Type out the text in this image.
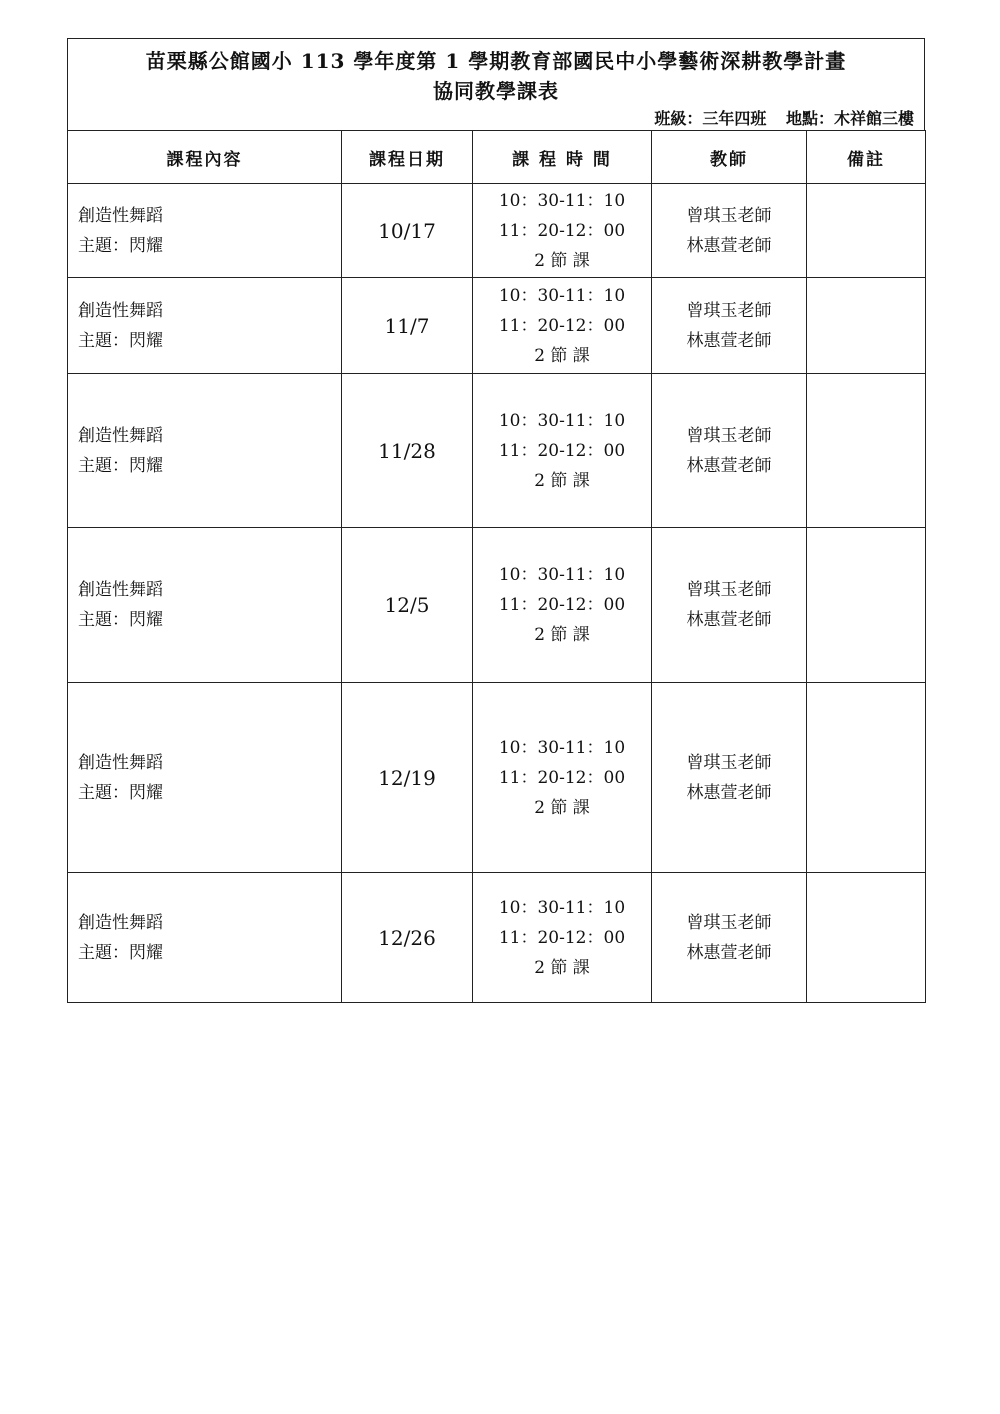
苗栗縣公館國小 113 學年度第 1 學期教育部國民中小學藝術深耕教學計畫
協同教學課表
班級：三年四班 地點：木祥館三樓
課程內容	課程日期	課 程 時 間	教師	備註

創造性舞蹈
主題：閃耀	10/17	10：30-11：10
11：20-12：00
2 節 課	曾琪玉老師
林惠萱老師	

創造性舞蹈
主題：閃耀	11/7	10：30-11：10
11：20-12：00
2 節 課	曾琪玉老師
林惠萱老師	

創造性舞蹈
主題：閃耀	11/28	10：30-11：10
11：20-12：00
2 節 課	曾琪玉老師
林惠萱老師	

創造性舞蹈
主題：閃耀	12/5	10：30-11：10
11：20-12：00
2 節 課	曾琪玉老師
林惠萱老師	

創造性舞蹈
主題：閃耀	12/19	10：30-11：10
11：20-12：00
2 節 課	曾琪玉老師
林惠萱老師	

創造性舞蹈
主題：閃耀	12/26	10：30-11：10
11：20-12：00
2 節 課	曾琪玉老師
林惠萱老師	
